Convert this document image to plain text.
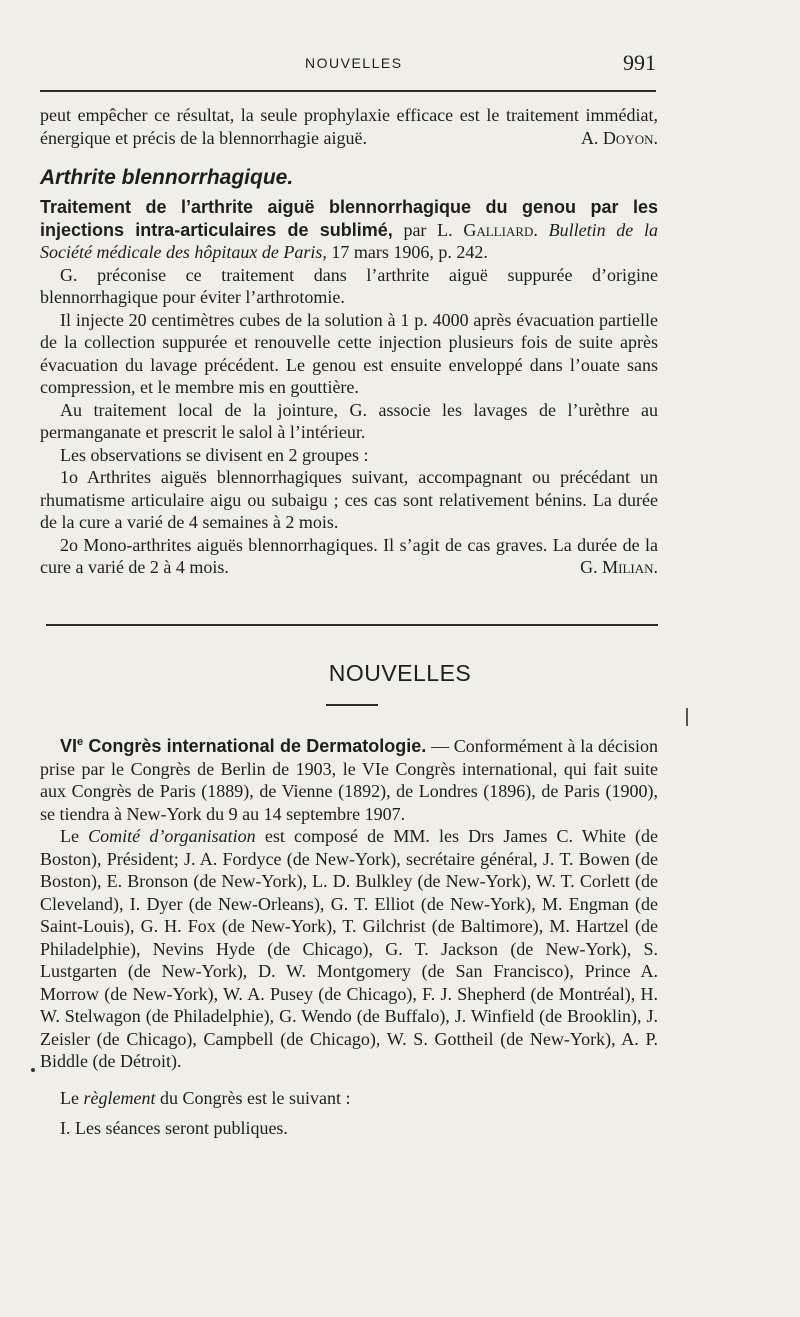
NOUVELLES	991

peut empêcher ce résultat, la seule prophylaxie efficace est le traitement immédiat, énergique et précis de la blennorrhagie aiguë.	A. Doyon.

Arthrite blennorrhagique.

Traitement de l’arthrite aiguë blennorrhagique du genou par les injections intra-articulaires de sublimé, par L. Galliard. Bulletin de la Société médicale des hôpitaux de Paris, 17 mars 1906, p. 242.

G. préconise ce traitement dans l’arthrite aiguë suppurée d’origine blennorrhagique pour éviter l’arthrotomie.

Il injecte 20 centimètres cubes de la solution à 1 p. 4000 après évacuation partielle de la collection suppurée et renouvelle cette injection plusieurs fois de suite après évacuation du lavage précédent. Le genou est ensuite enveloppé dans l’ouate sans compression, et le membre mis en gouttière.

Au traitement local de la jointure, G. associe les lavages de l’urèthre au permanganate et prescrit le salol à l’intérieur.

Les observations se divisent en 2 groupes :

1o Arthrites aiguës blennorrhagiques suivant, accompagnant ou précédant un rhumatisme articulaire aigu ou subaigu ; ces cas sont relativement bénins. La durée de la cure a varié de 4 semaines à 2 mois.

2o Mono-arthrites aiguës blennorrhagiques. Il s’agit de cas graves. La durée de la cure a varié de 2 à 4 mois.	G. Milian.

NOUVELLES

VIe Congrès international de Dermatologie. — Conformément à la décision prise par le Congrès de Berlin de 1903, le VIe Congrès international, qui fait suite aux Congrès de Paris (1889), de Vienne (1892), de Londres (1896), de Paris (1900), se tiendra à New-York du 9 au 14 septembre 1907.

Le Comité d’organisation est composé de MM. les Drs James C. White (de Boston), Président; J. A. Fordyce (de New-York), secrétaire général, J. T. Bowen (de Boston), E. Bronson (de New-York), L. D. Bulkley (de New-York), W. T. Corlett (de Cleveland), I. Dyer (de New-Orleans), G. T. Elliot (de New-York), M. Engman (de Saint-Louis), G. H. Fox (de New-York), T. Gilchrist (de Baltimore), M. Hartzel (de Philadelphie), Nevins Hyde (de Chicago), G. T. Jackson (de New-York), S. Lustgarten (de New-York), D. W. Montgomery (de San Francisco), Prince A. Morrow (de New-York), W. A. Pusey (de Chicago), F. J. Shepherd (de Montréal), H. W. Stelwagon (de Philadelphie), G. Wendo (de Buffalo), J. Winfield (de Brooklin), J. Zeisler (de Chicago), Campbell (de Chicago), W. S. Gottheil (de New-York), A. P. Biddle (de Détroit).

Le règlement du Congrès est le suivant :

I. Les séances seront publiques.
